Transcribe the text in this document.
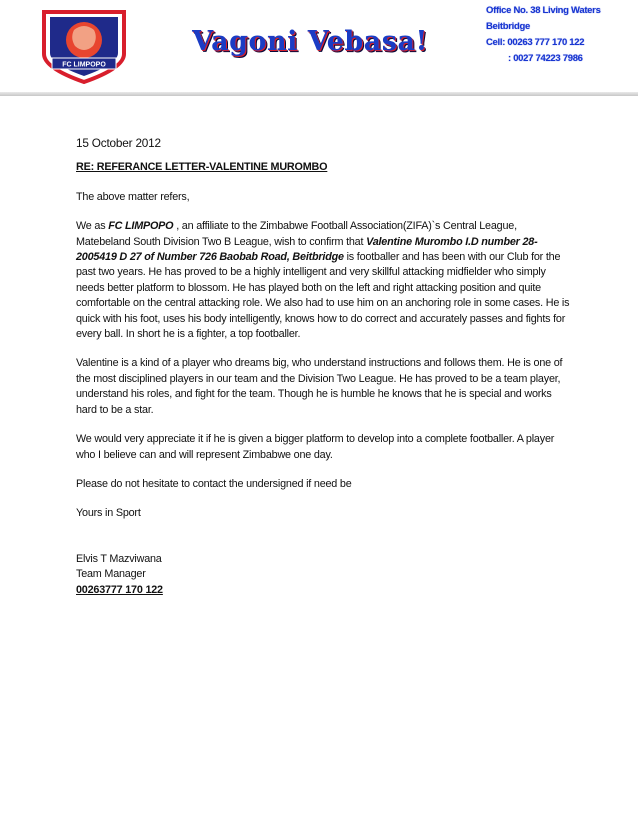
FC LIMPOPO
Vagoni Vebasa!
Office No. 38 Living Waters
Beitbridge
Cell: 00263 777 170 122
: 0027 74223 7986

15 October 2012

RE: REFERANCE LETTER-VALENTINE MUROMBO

The above matter refers,

We as FC LIMPOPO , an affiliate to the Zimbabwe Football Association(ZIFA)`s Central League, Matebeland South Division Two B League, wish to confirm that Valentine Murombo I.D number 28-2005419 D 27 of Number 726 Baobab Road, Beitbridge is footballer and has been with our Club for the past two years. He has proved to be a highly intelligent and very skillful attacking midfielder who simply needs better platform to blossom. He has played both on the left and right attacking position and quite comfortable on the central attacking role. We also had to use him on an anchoring role in some cases. He is quick with his foot, uses his body intelligently, knows how to do correct and accurately passes and fights for every ball. In short he is a fighter, a top footballer.

Valentine is a kind of a player who dreams big, who understand instructions and follows them. He is one of the most disciplined players in our team and the Division Two League. He has proved to be a team player, understand his roles, and fight for the team. Though he is humble he knows that he is special and works hard to be a star.

We would very appreciate it if he is given a bigger platform to develop into a complete footballer. A player who I believe can and will represent Zimbabwe one day.

Please do not hesitate to contact the undersigned if need be

Yours in Sport

Elvis T Mazviwana

Team Manager

00263777 170 122
